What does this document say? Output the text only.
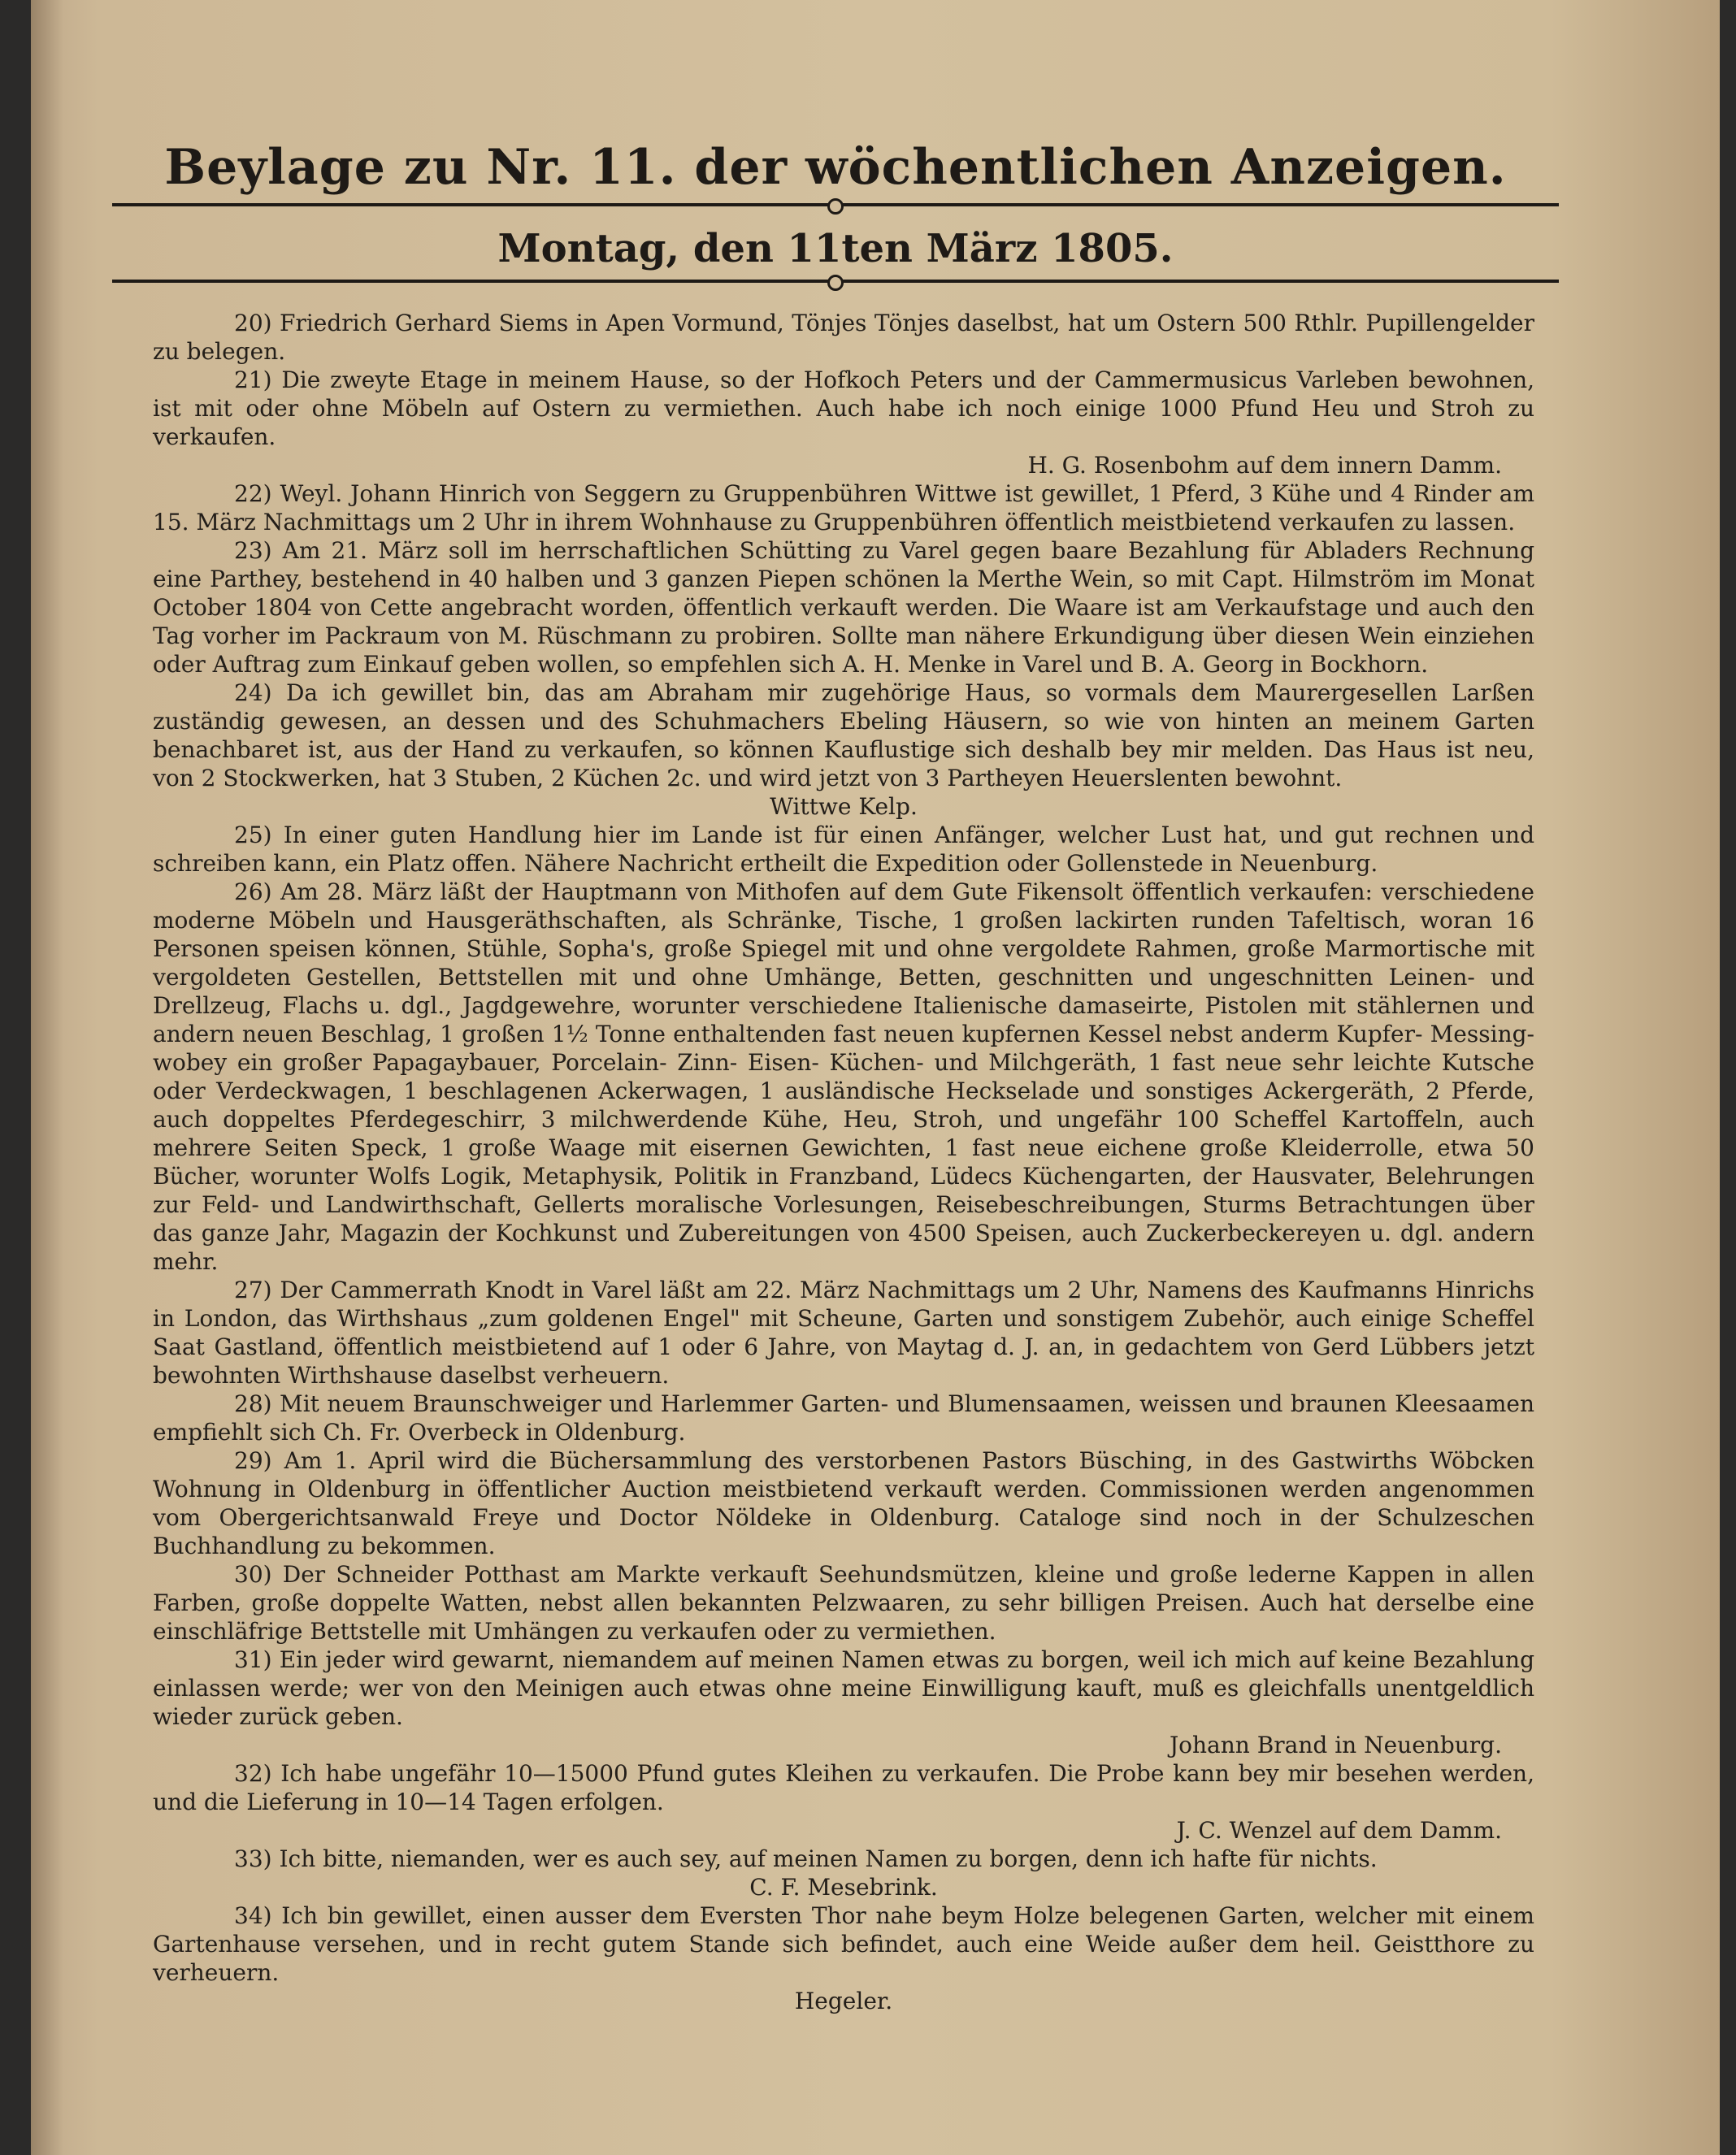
Beylage zu Nr. 11. der wöchentlichen Anzeigen.
Montag, den 11ten März 1805.

20) Friedrich Gerhard Siems in Apen Vormund, Tönjes Tönjes daselbst, hat um Ostern 500 Rthlr. Pupillengelder zu belegen.

21) Die zweyte Etage in meinem Hause, so der Hofkoch Peters und der Cammermusicus Varleben bewohnen, ist mit oder ohne Möbeln auf Ostern zu vermiethen. Auch habe ich noch einige 1000 Pfund Heu und Stroh zu verkaufen.

H. G. Rosenbohm auf dem innern Damm.

22) Weyl. Johann Hinrich von Seggern zu Gruppenbühren Wittwe ist gewillet, 1 Pferd, 3 Kühe und 4 Rinder am 15. März Nachmittags um 2 Uhr in ihrem Wohnhause zu Gruppenbühren öffentlich meistbietend verkaufen zu lassen.

23) Am 21. März soll im herrschaftlichen Schütting zu Varel gegen baare Bezahlung für Abladers Rechnung eine Parthey, bestehend in 40 halben und 3 ganzen Piepen schönen la Merthe Wein, so mit Capt. Hilmström im Monat October 1804 von Cette angebracht worden, öffentlich verkauft werden. Die Waare ist am Verkaufstage und auch den Tag vorher im Packraum von M. Rüschmann zu probiren. Sollte man nähere Erkundigung über diesen Wein einziehen oder Auftrag zum Einkauf geben wollen, so empfehlen sich A. H. Menke in Varel und B. A. Georg in Bockhorn.

24) Da ich gewillet bin, das am Abraham mir zugehörige Haus, so vormals dem Maurergesellen Larßen zuständig gewesen, an dessen und des Schuhmachers Ebeling Häusern, so wie von hinten an meinem Garten benachbaret ist, aus der Hand zu verkaufen, so können Kauflustige sich deshalb bey mir melden. Das Haus ist neu, von 2 Stockwerken, hat 3 Stuben, 2 Küchen 2c. und wird jetzt von 3 Partheyen Heuerslenten bewohnt.

Wittwe Kelp.

25) In einer guten Handlung hier im Lande ist für einen Anfänger, welcher Lust hat, und gut rechnen und schreiben kann, ein Platz offen. Nähere Nachricht ertheilt die Expedition oder Gollenstede in Neuenburg.

26) Am 28. März läßt der Hauptmann von Mithofen auf dem Gute Fikensolt öffentlich verkaufen: verschiedene moderne Möbeln und Hausgeräthschaften, als Schränke, Tische, 1 großen lackirten runden Tafeltisch, woran 16 Personen speisen können, Stühle, Sopha's, große Spiegel mit und ohne vergoldete Rahmen, große Marmortische mit vergoldeten Gestellen, Bettstellen mit und ohne Umhänge, Betten, geschnitten und ungeschnitten Leinen- und Drellzeug, Flachs u. dgl., Jagdgewehre, worunter verschiedene Italienische damaseirte, Pistolen mit stählernen und andern neuen Beschlag, 1 großen 1½ Tonne enthaltenden fast neuen kupfernen Kessel nebst anderm Kupfer- Messing- wobey ein großer Papagaybauer, Porcelain- Zinn- Eisen- Küchen- und Milchgeräth, 1 fast neue sehr leichte Kutsche oder Verdeckwagen, 1 beschlagenen Ackerwagen, 1 ausländische Heckselade und sonstiges Ackergeräth, 2 Pferde, auch doppeltes Pferdegeschirr, 3 milchwerdende Kühe, Heu, Stroh, und ungefähr 100 Scheffel Kartoffeln, auch mehrere Seiten Speck, 1 große Waage mit eisernen Gewichten, 1 fast neue eichene große Kleiderrolle, etwa 50 Bücher, worunter Wolfs Logik, Metaphysik, Politik in Franzband, Lüdecs Küchengarten, der Hausvater, Belehrungen zur Feld- und Landwirthschaft, Gellerts moralische Vorlesungen, Reisebeschreibungen, Sturms Betrachtungen über das ganze Jahr, Magazin der Kochkunst und Zubereitungen von 4500 Speisen, auch Zuckerbeckereyen u. dgl. andern mehr.

27) Der Cammerrath Knodt in Varel läßt am 22. März Nachmittags um 2 Uhr, Namens des Kaufmanns Hinrichs in London, das Wirthshaus „zum goldenen Engel" mit Scheune, Garten und sonstigem Zubehör, auch einige Scheffel Saat Gastland, öffentlich meistbietend auf 1 oder 6 Jahre, von Maytag d. J. an, in gedachtem von Gerd Lübbers jetzt bewohnten Wirthshause daselbst verheuern.

28) Mit neuem Braunschweiger und Harlemmer Garten- und Blumensaamen, weissen und braunen Kleesaamen empfiehlt sich Ch. Fr. Overbeck in Oldenburg.

29) Am 1. April wird die Büchersammlung des verstorbenen Pastors Büsching, in des Gastwirths Wöbcken Wohnung in Oldenburg in öffentlicher Auction meistbietend verkauft werden. Commissionen werden angenommen vom Obergerichtsanwald Freye und Doctor Nöldeke in Oldenburg. Cataloge sind noch in der Schulzeschen Buchhandlung zu bekommen.

30) Der Schneider Potthast am Markte verkauft Seehundsmützen, kleine und große lederne Kappen in allen Farben, große doppelte Watten, nebst allen bekannten Pelzwaaren, zu sehr billigen Preisen. Auch hat derselbe eine einschläfrige Bettstelle mit Umhängen zu verkaufen oder zu vermiethen.

31) Ein jeder wird gewarnt, niemandem auf meinen Namen etwas zu borgen, weil ich mich auf keine Bezahlung einlassen werde; wer von den Meinigen auch etwas ohne meine Einwilligung kauft, muß es gleichfalls unentgeldlich wieder zurück geben.

Johann Brand in Neuenburg.

32) Ich habe ungefähr 10—15000 Pfund gutes Kleihen zu verkaufen. Die Probe kann bey mir besehen werden, und die Lieferung in 10—14 Tagen erfolgen.

J. C. Wenzel auf dem Damm.

33) Ich bitte, niemanden, wer es auch sey, auf meinen Namen zu borgen, denn ich hafte für nichts.

C. F. Mesebrink.

34) Ich bin gewillet, einen ausser dem Eversten Thor nahe beym Holze belegenen Garten, welcher mit einem Gartenhause versehen, und in recht gutem Stande sich befindet, auch eine Weide außer dem heil. Geistthore zu verheuern.

Hegeler.
